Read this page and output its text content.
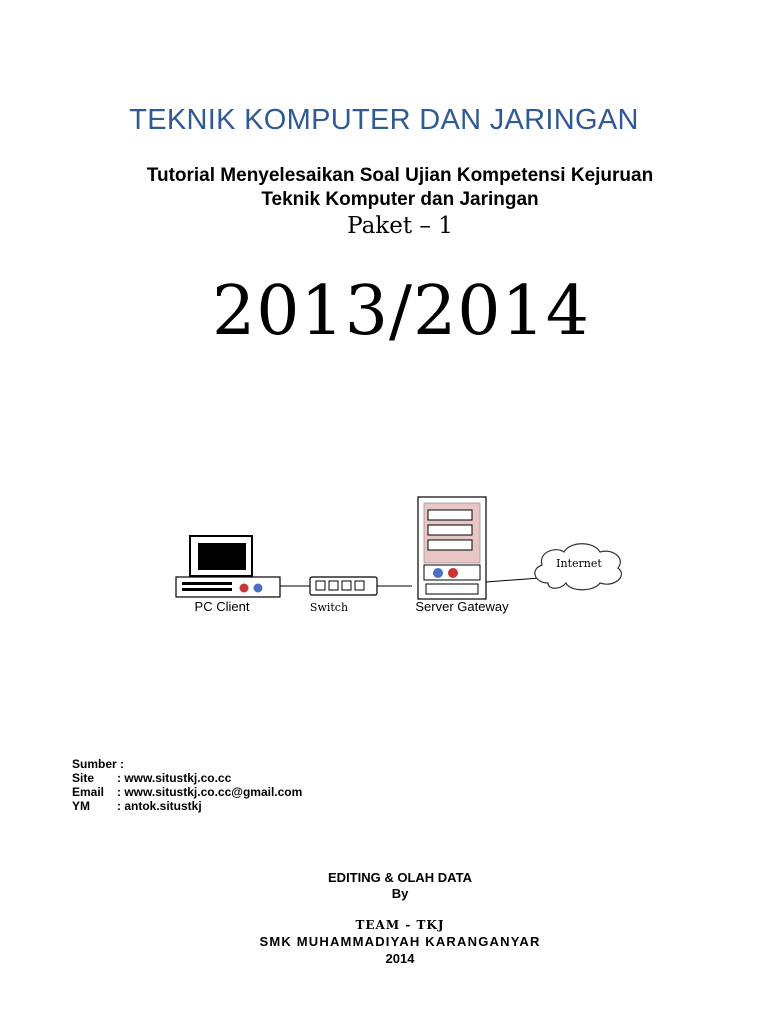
TEKNIK KOMPUTER DAN JARINGAN
Tutorial Menyelesaikan Soal Ujian Kompetensi Kejuruan
Teknik Komputer dan Jaringan
Paket – 1
2013/2014
PC Client	Switch	Server Gateway
Internet
Sumber :
Site : www.situstkj.co.cc
Email : www.situstkj.co.cc@gmail.com
YM : antok.situstkj
EDITING & OLAH DATA
By
TEAM - TKJ
SMK MUHAMMADIYAH KARANGANYAR
2014
